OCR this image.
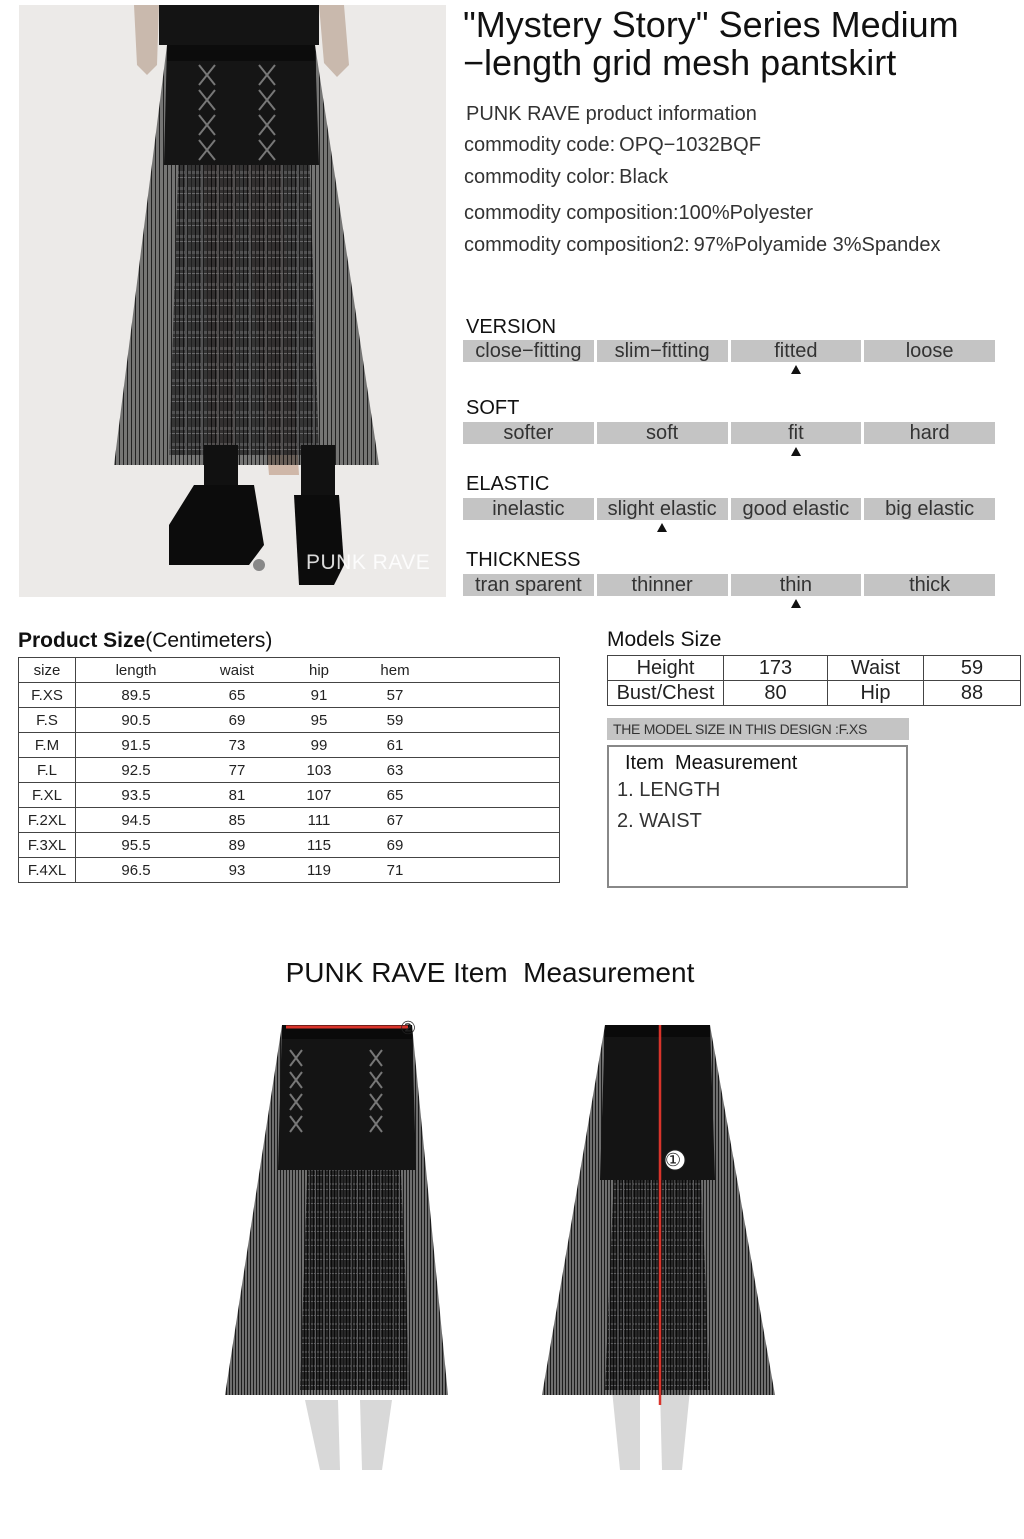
PUNK RAVE
"Mystery Story" Series Medium −length grid mesh pantskirt
PUNK RAVE product information
commodity code: OPQ−1032BQF
commodity color: Black
commodity composition:100%Polyester
commodity composition2: 97%Polyamide 3%Spandex
VERSION
close−fitting	slim−fitting	fitted	loose
SOFT
softer	soft	fit	hard
ELASTIC
inelastic	slight elastic	good elastic	big elastic
THICKNESS
tran sparent	thinner	thin	thick
Product Size(Centimeters)
size	length	waist	hip	hem	
F.XS	89.5	65	91	57	
F.S	90.5	69	95	59	
F.M	91.5	73	99	61	
F.L	92.5	77	103	63	
F.XL	93.5	81	107	65	
F.2XL	94.5	85	111	67	
F.3XL	95.5	89	115	69	
F.4XL	96.5	93	119	71	
Models Size
Height	173	Waist	59
Bust/Chest	80	Hip	88
THE MODEL SIZE IN THIS DESIGN :F.XS
Item  Measurement
1. LENGTH
2. WAIST
PUNK RAVE Item  Measurement
②
①
